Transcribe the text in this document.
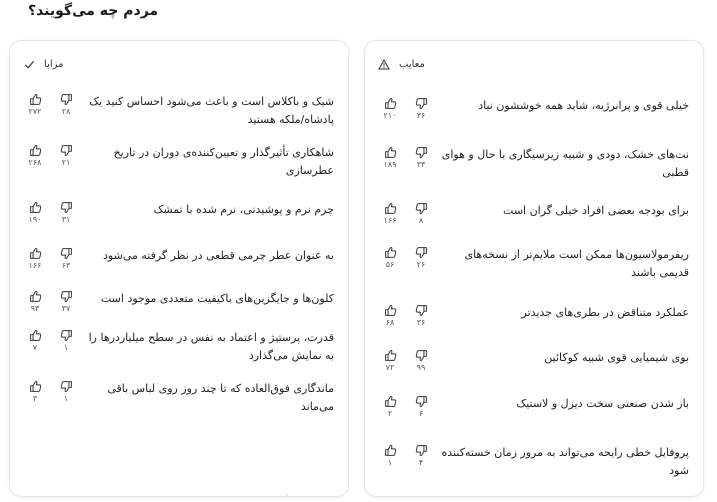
مردم چه می‌گویند؟
مزایا
۲۷۲	۲۸
شیک و باکلاس است و باعث می‌شود احساس کنید یک پادشاه/ملکه هستید
۲۶۸	۲۱
شاهکاری تأثیرگذار و تعیین‌کننده‌ی دوران در تاریخ عطرسازی
۱۹۰	۳۱
چرم نرم و پوشیدنی، نرم شده با تمشک
۱۶۶	۶۳
به عنوان عطر چرمی قطعی در نظر گرفته می‌شود
۹۳	۳۷
کلون‌ها و جایگزین‌های باکیفیت متعددی موجود است
۷	۱
قدرت، پرستیژ و اعتماد به نفس در سطح میلیاردرها را به نمایش می‌گذارد
۳	۱
ماندگاری فوق‌العاده که تا چند روز روی لباس باقی می‌ماند
معایب
۲۱۰	۳۶
خیلی قوی و پرانرژیه، شاید همه خوششون نیاد
۱۸۹	۳۳
نت‌های خشک، دودی و شبیه زیرسیگاری با حال و هوای قطبی
۱۶۶	۸
برای بودجه بعضی افراد خیلی گران است
۵۶	۲۶
ریفرمولاسیون‌ها ممکن است ملایم‌تر از نسخه‌های قدیمی باشند
۶۸	۳۶
عملکرد متناقض در بطری‌های جدیدتر
۷۲	۹۹
بوی شیمیایی قوی شبیه کوکائین
۲	۶
باز شدن صنعتی سخت دیزل و لاستیک
۱	۴
پروفایل خطی رایحه می‌تواند به مرور زمان خسته‌کننده شود
ˆ
